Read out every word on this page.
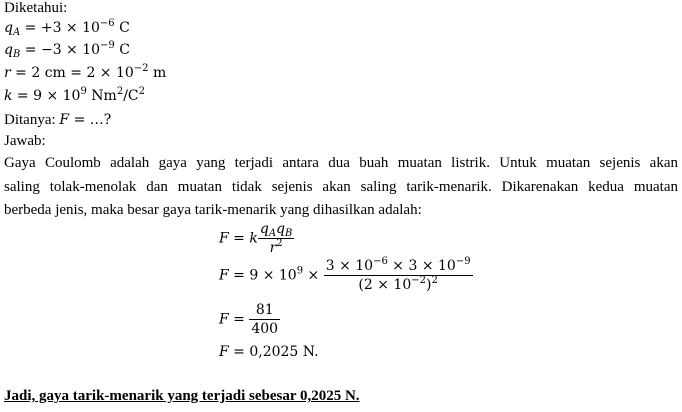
Diketahui:
$q_A = +3 \times 10^{-6}$ C
$q_B = -3 \times 10^{-9}$ C
r = 2 cm = $2 \times 10^{-2}$ m
$k = 9 \times 10^9$ $Nm^2/C^2$
Ditanya: F = …?
Jawab:
Gaya Coulomb adalah gaya yang terjadi antara dua buah muatan listrik. Untuk muatan sejenis akan
saling tolak-menolak dan muatan tidak sejenis akan saling tarik-menarik. Dikarenakan kedua muatan
berbeda jenis, maka besar gaya tarik-menarik yang dihasilkan adalah:
F = k $\frac{q_Aq_B}{r^2}$
$F = 9 \times 10^9 \times \frac{3 \times 10^{-6} \times 3 \times 10^{-9}}{(2 \times 10^{-2})^2}$
$F = \frac{81}{400}$
F = 0,2025 N.
Jadi, gaya tarik-menarik yang terjadi sebesar 0,2025 N.
